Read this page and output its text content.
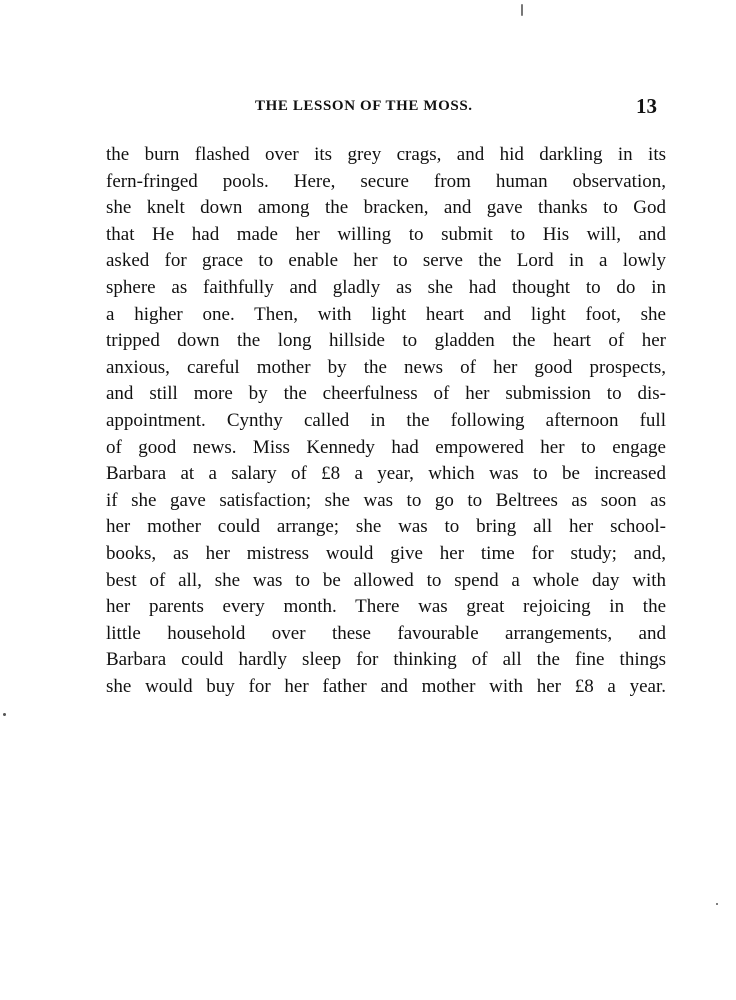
THE LESSON OF THE MOSS.	13
the burn flashed over its grey crags, and hid darkling in its
fern-fringed pools. Here, secure from human observation,
she knelt down among the bracken, and gave thanks to God
that He had made her willing to submit to His will, and
asked for grace to enable her to serve the Lord in a lowly
sphere as faithfully and gladly as she had thought to do in
a higher one. Then, with light heart and light foot, she
tripped down the long hillside to gladden the heart of her
anxious, careful mother by the news of her good prospects,
and still more by the cheerfulness of her submission to dis-
appointment. Cynthy called in the following afternoon full
of good news. Miss Kennedy had empowered her to engage
Barbara at a salary of £8 a year, which was to be increased
if she gave satisfaction; she was to go to Beltrees as soon as
her mother could arrange; she was to bring all her school-
books, as her mistress would give her time for study; and,
best of all, she was to be allowed to spend a whole day with
her parents every month. There was great rejoicing in the
little household over these favourable arrangements, and
Barbara could hardly sleep for thinking of all the fine things
she would buy for her father and mother with her £8 a year.
